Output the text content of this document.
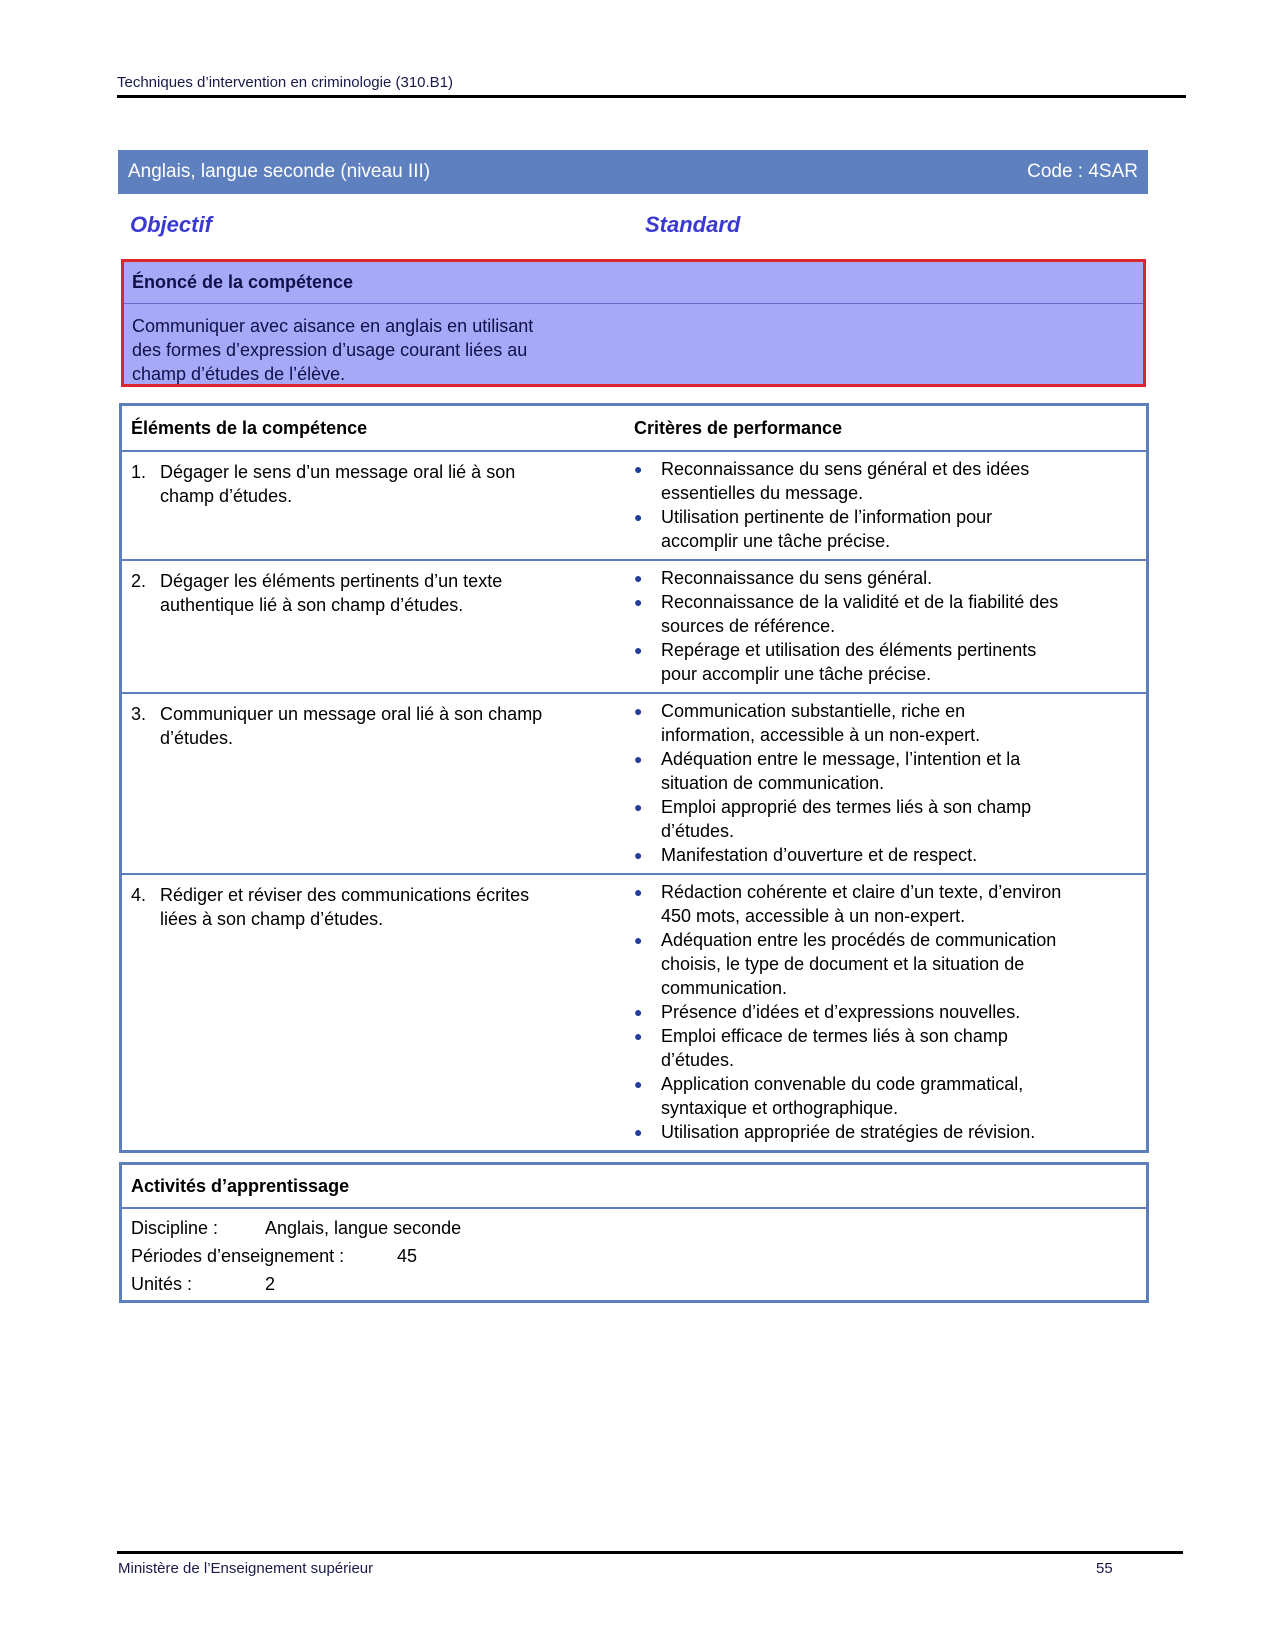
Techniques d’intervention en criminologie (310.B1)
Anglais, langue seconde (niveau III)	Code : 4SAR
Objectif	Standard
Énoncé de la compétence
Communiquer avec aisance en anglais en utilisant
des formes d’expression d’usage courant liées au
champ d’études de l’élève.
Éléments de la compétence	Critères de performance
1. Dégager le sens d’un message oral lié à son
champ d’études.
●	Reconnaissance du sens général et des idées
essentielles du message.
●	Utilisation pertinente de l’information pour
accomplir une tâche précise.
2. Dégager les éléments pertinents d’un texte
authentique lié à son champ d’études.
●	Reconnaissance du sens général.
●	Reconnaissance de la validité et de la fiabilité des
sources de référence.
●	Repérage et utilisation des éléments pertinents
pour accomplir une tâche précise.
3. Communiquer un message oral lié à son champ
d’études.
●	Communication substantielle, riche en
information, accessible à un non-expert.
●	Adéquation entre le message, l’intention et la
situation de communication.
●	Emploi approprié des termes liés à son champ
d’études.
●	Manifestation d’ouverture et de respect.
4. Rédiger et réviser des communications écrites
liées à son champ d’études.
●	Rédaction cohérente et claire d’un texte, d’environ
450 mots, accessible à un non-expert.
●	Adéquation entre les procédés de communication
choisis, le type de document et la situation de
communication.
●	Présence d’idées et d’expressions nouvelles.
●	Emploi efficace de termes liés à son champ
d’études.
●	Application convenable du code grammatical,
syntaxique et orthographique.
●	Utilisation appropriée de stratégies de révision.
Activités d’apprentissage
Discipline :	Anglais, langue seconde
Périodes d’enseignement :	45
Unités :	2
Ministère de l’Enseignement supérieur	55
